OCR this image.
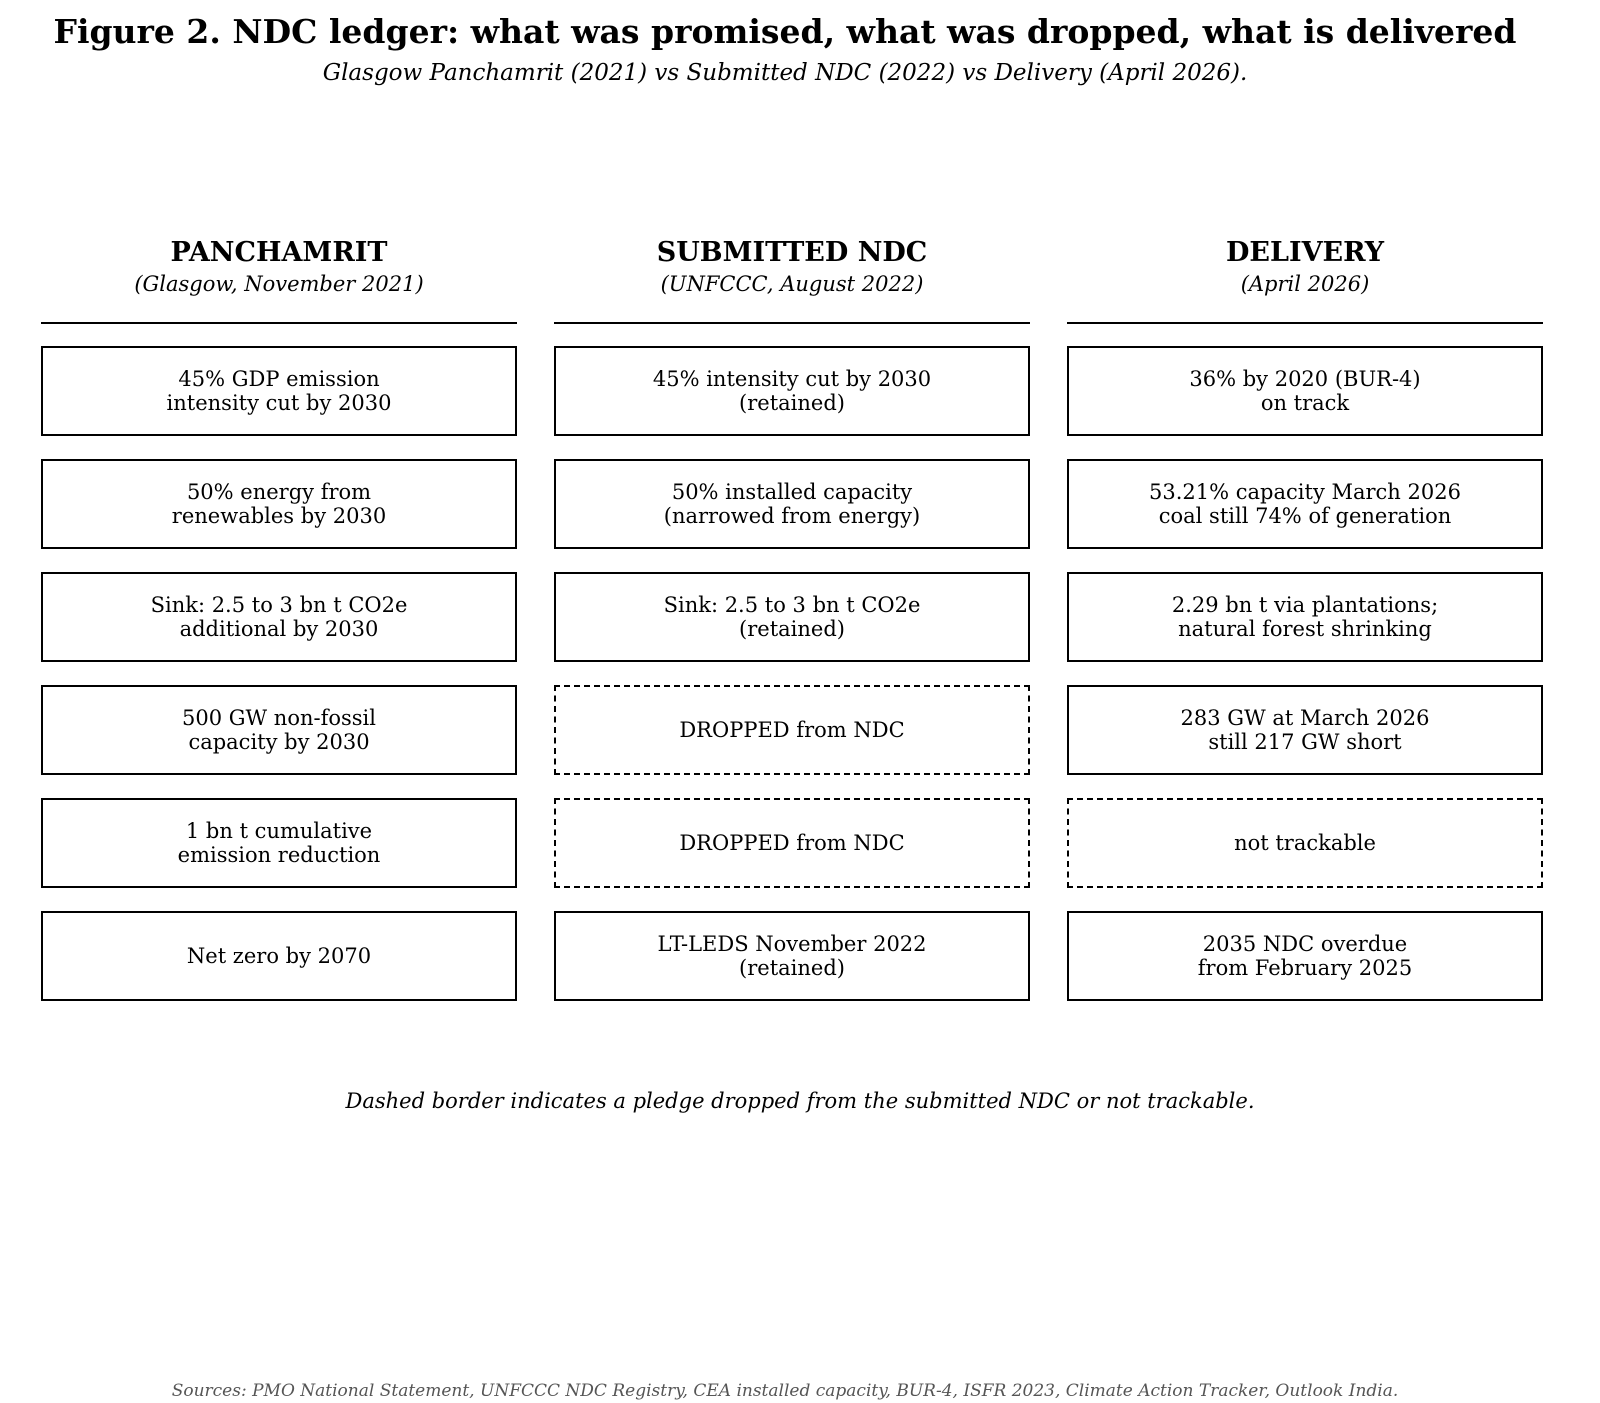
Figure 2. NDC ledger: what was promised, what was dropped, what is delivered
Glasgow Panchamrit (2021) vs Submitted NDC (2022) vs Delivery (April 2026).
PANCHAMRIT
(Glasgow, November 2021)
45% GDP emission
intensity cut by 2030
50% energy from
renewables by 2030
Sink: 2.5 to 3 bn t CO2e
additional by 2030
500 GW non-fossil
capacity by 2030
1 bn t cumulative
emission reduction
Net zero by 2070
SUBMITTED NDC
(UNFCCC, August 2022)
45% intensity cut by 2030
(retained)
50% installed capacity
(narrowed from energy)
Sink: 2.5 to 3 bn t CO2e
(retained)
DROPPED from NDC
DROPPED from NDC
LT-LEDS November 2022
(retained)
DELIVERY
(April 2026)
36% by 2020 (BUR-4)
on track
53.21% capacity March 2026
coal still 74% of generation
2.29 bn t via plantations;
natural forest shrinking
283 GW at March 2026
still 217 GW short
not trackable
2035 NDC overdue
from February 2025
Dashed border indicates a pledge dropped from the submitted NDC or not trackable.
Sources: PMO National Statement, UNFCCC NDC Registry, CEA installed capacity, BUR-4, ISFR 2023, Climate Action Tracker, Outlook India.
